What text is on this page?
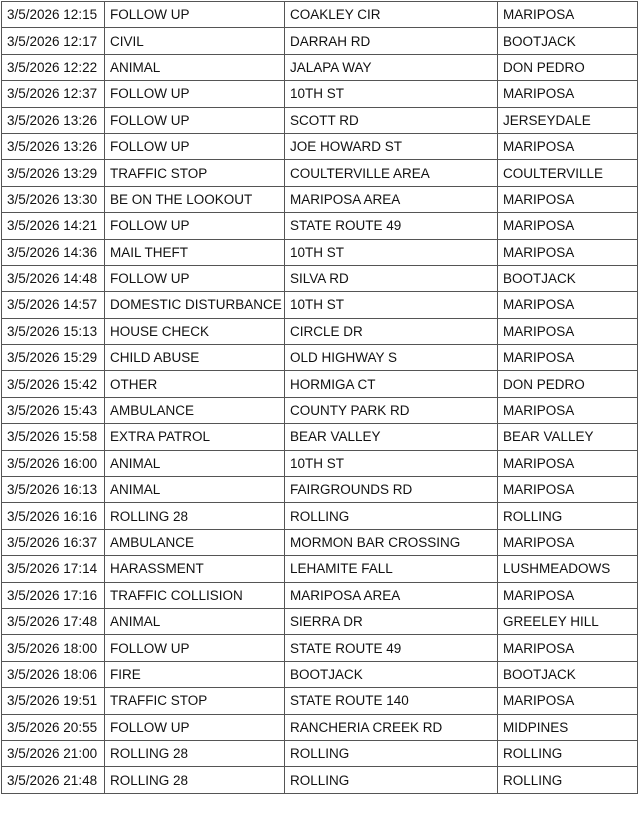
3/5/2026 12:15	FOLLOW UP	COAKLEY CIR	MARIPOSA
3/5/2026 12:17	CIVIL	DARRAH RD	BOOTJACK
3/5/2026 12:22	ANIMAL	JALAPA WAY	DON PEDRO
3/5/2026 12:37	FOLLOW UP	10TH ST	MARIPOSA
3/5/2026 13:26	FOLLOW UP	SCOTT RD	JERSEYDALE
3/5/2026 13:26	FOLLOW UP	JOE HOWARD ST	MARIPOSA
3/5/2026 13:29	TRAFFIC STOP	COULTERVILLE AREA	COULTERVILLE
3/5/2026 13:30	BE ON THE LOOKOUT	MARIPOSA AREA	MARIPOSA
3/5/2026 14:21	FOLLOW UP	STATE ROUTE 49	MARIPOSA
3/5/2026 14:36	MAIL THEFT	10TH ST	MARIPOSA
3/5/2026 14:48	FOLLOW UP	SILVA RD	BOOTJACK
3/5/2026 14:57	DOMESTIC DISTURBANCE	10TH ST	MARIPOSA
3/5/2026 15:13	HOUSE CHECK	CIRCLE DR	MARIPOSA
3/5/2026 15:29	CHILD ABUSE	OLD HIGHWAY S	MARIPOSA
3/5/2026 15:42	OTHER	HORMIGA CT	DON PEDRO
3/5/2026 15:43	AMBULANCE	COUNTY PARK RD	MARIPOSA
3/5/2026 15:58	EXTRA PATROL	BEAR VALLEY	BEAR VALLEY
3/5/2026 16:00	ANIMAL	10TH ST	MARIPOSA
3/5/2026 16:13	ANIMAL	FAIRGROUNDS RD	MARIPOSA
3/5/2026 16:16	ROLLING 28	ROLLING	ROLLING
3/5/2026 16:37	AMBULANCE	MORMON BAR CROSSING	MARIPOSA
3/5/2026 17:14	HARASSMENT	LEHAMITE FALL	LUSHMEADOWS
3/5/2026 17:16	TRAFFIC COLLISION	MARIPOSA AREA	MARIPOSA
3/5/2026 17:48	ANIMAL	SIERRA DR	GREELEY HILL
3/5/2026 18:00	FOLLOW UP	STATE ROUTE 49	MARIPOSA
3/5/2026 18:06	FIRE	BOOTJACK	BOOTJACK
3/5/2026 19:51	TRAFFIC STOP	STATE ROUTE 140	MARIPOSA
3/5/2026 20:55	FOLLOW UP	RANCHERIA CREEK RD	MIDPINES
3/5/2026 21:00	ROLLING 28	ROLLING	ROLLING
3/5/2026 21:48	ROLLING 28	ROLLING	ROLLING
